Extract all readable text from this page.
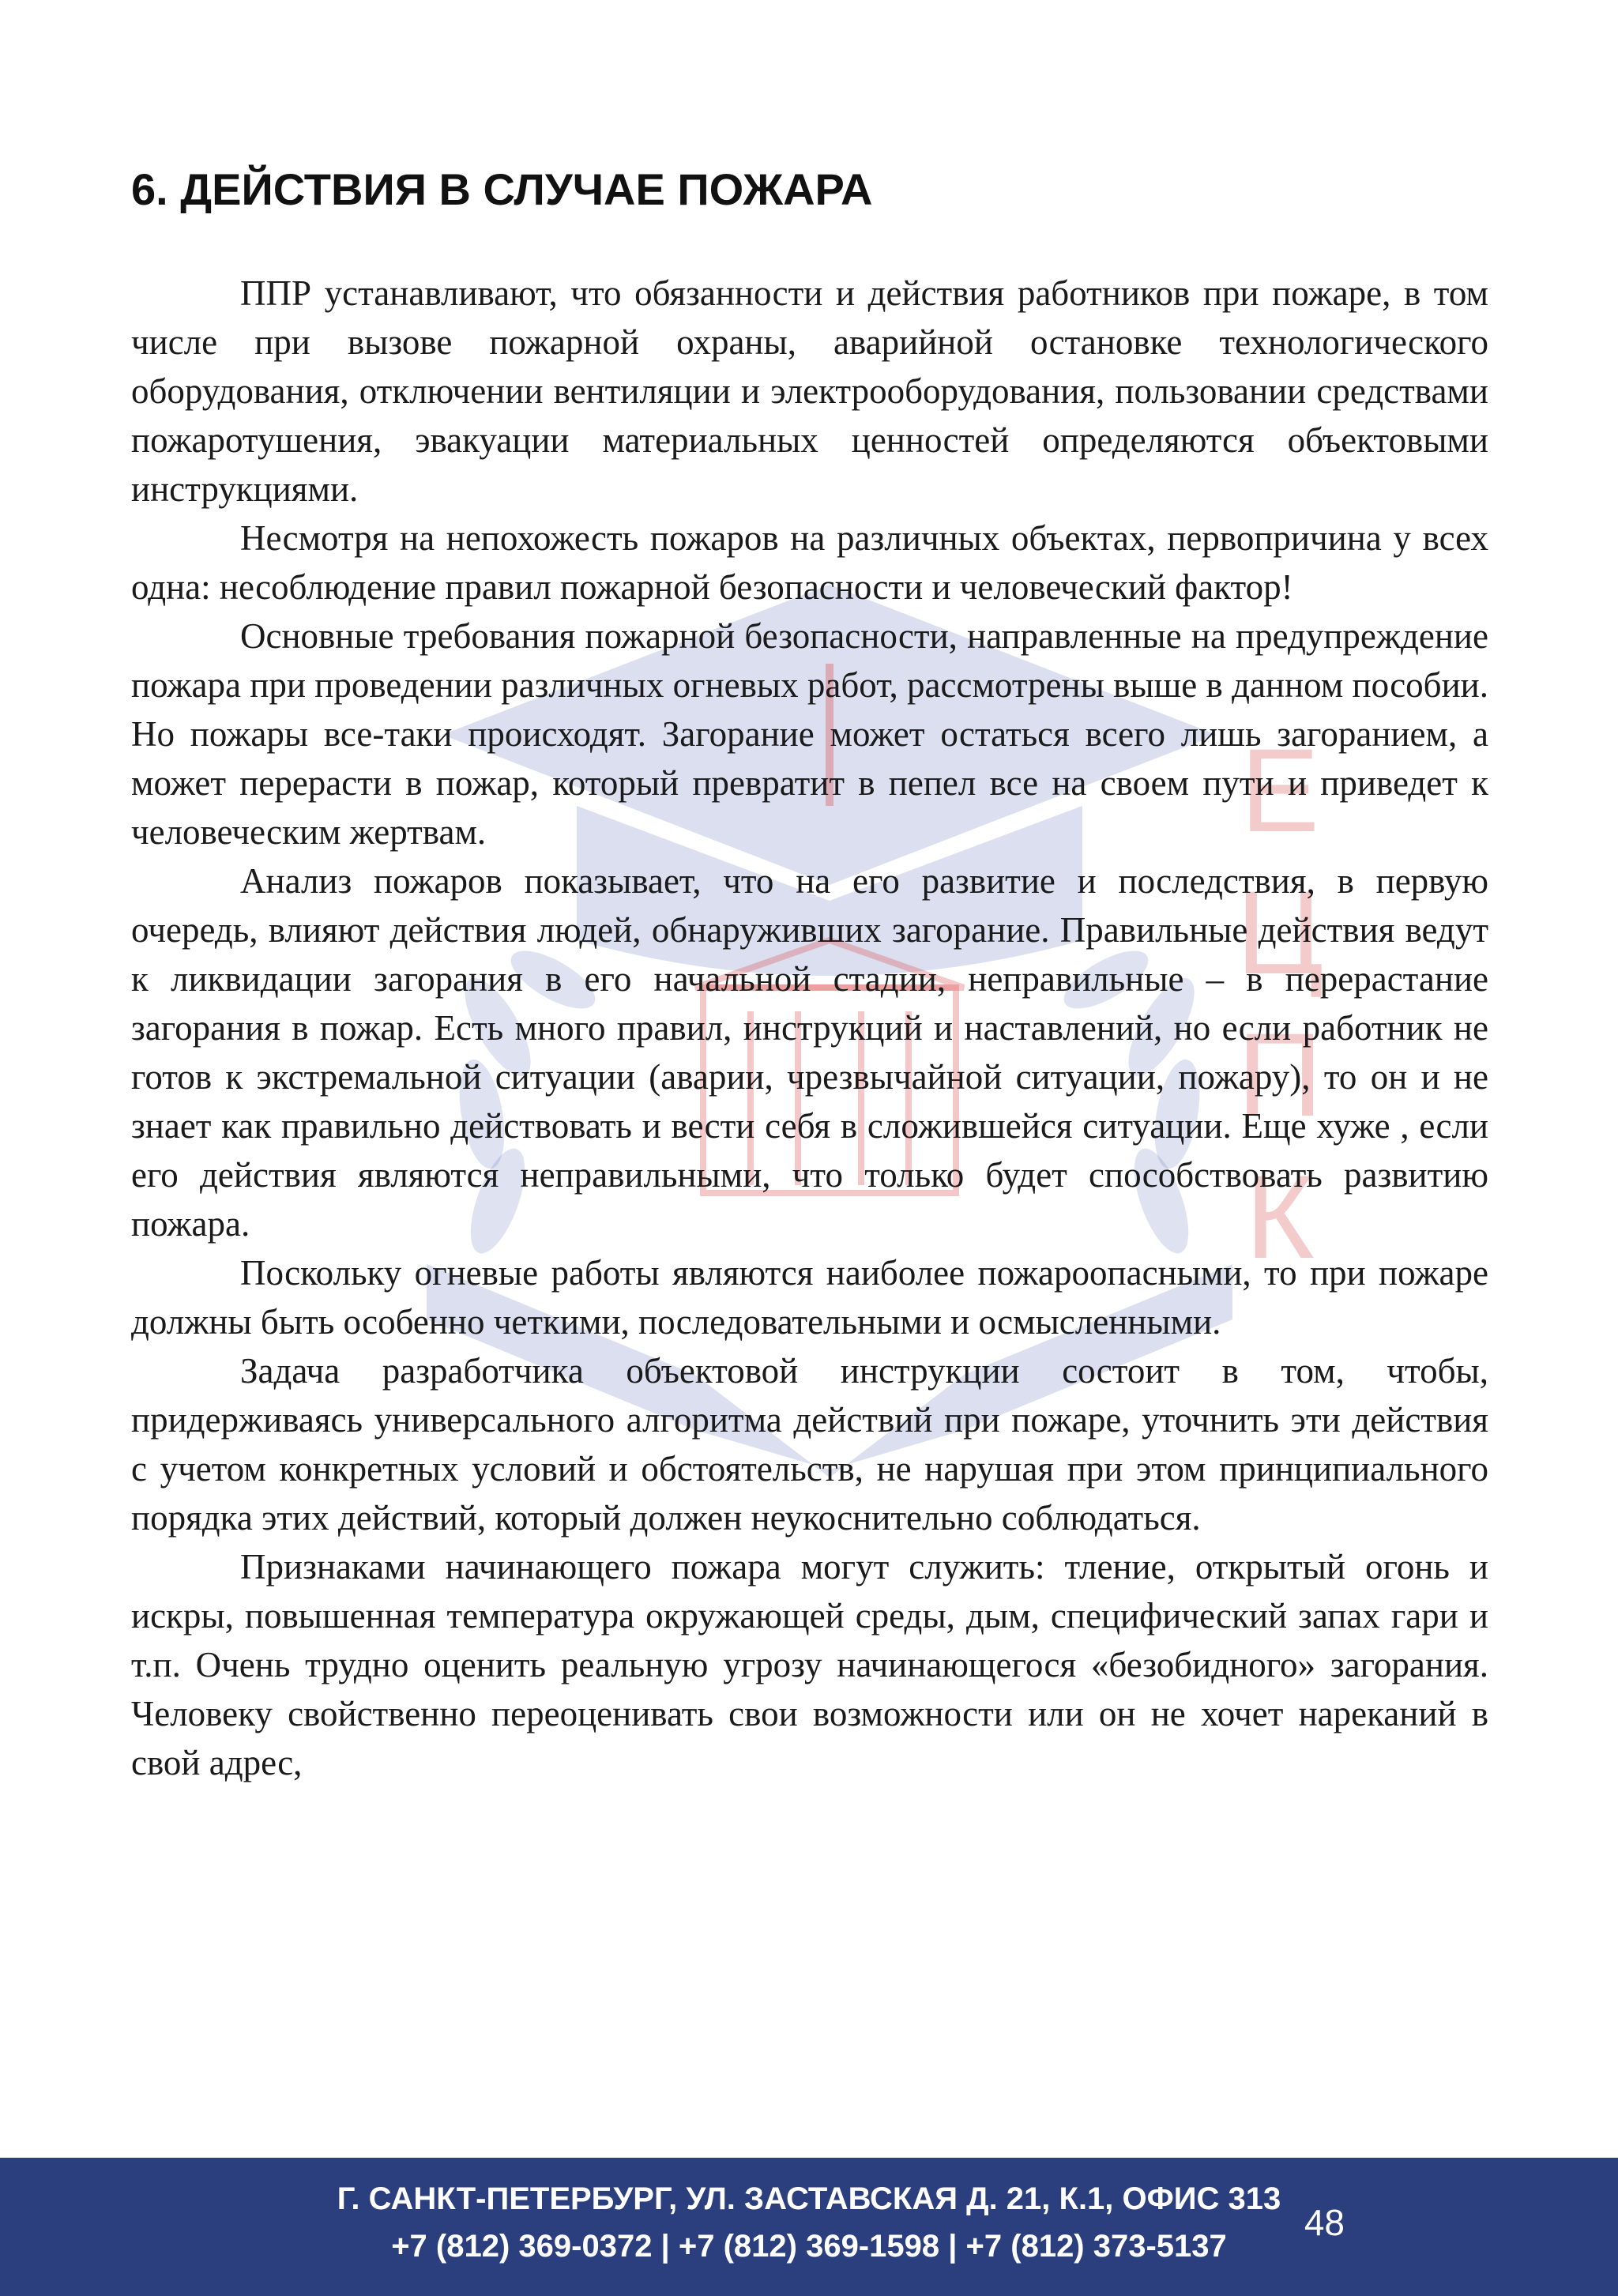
Е
Ц
П
К
6. ДЕЙСТВИЯ В СЛУЧАЕ ПОЖАРА

ППР устанавливают, что обязанности и действия работников при пожаре, в том числе при вызове пожарной охраны, аварийной остановке технологического оборудования, отключении вентиляции и электрооборудования, пользовании средствами пожаротушения, эвакуации материальных ценностей определяются объектовыми инструкциями.

Несмотря на непохожесть пожаров на различных объектах, первопричина у всех одна: несоблюдение правил пожарной безопасности и человеческий фактор!

Основные требования пожарной безопасности, направленные на предупреждение пожара при проведении различных огневых работ, рассмотрены выше в данном пособии. Но пожары все-таки происходят. Загорание может остаться всего лишь загоранием, а может перерасти в пожар, который превратит в пепел все на своем пути и приведет к человеческим жертвам.

Анализ пожаров показывает, что на его развитие и последствия, в первую очередь, влияют действия людей, обнаруживших загорание. Правильные действия ведут к ликвидации загорания в его начальной стадии, неправильные – в перерастание загорания в пожар. Есть много правил, инструкций и наставлений, но если работник не готов к экстремальной ситуации (аварии, чрезвычайной ситуации, пожару), то он и не знает как правильно действовать и вести себя в сложившейся ситуации. Еще хуже , если его действия являются неправильными, что только будет способствовать развитию пожара.

Поскольку огневые работы являются наиболее пожароопасными, то при пожаре должны быть особенно четкими, последовательными и осмысленными.

Задача разработчика объектовой инструкции состоит в том, чтобы, придерживаясь универсального алгоритма действий при пожаре, уточнить эти действия с учетом конкретных условий и обстоятельств, не нарушая при этом принципиального порядка этих действий, который должен неукоснительно соблюдаться.

Признаками начинающего пожара могут служить: тление, открытый огонь и искры, повышенная температура окружающей среды, дым, специфический запах гари и т.п. Очень трудно оценить реальную угрозу начинающегося «безобидного» загорания. Человеку свойственно переоценивать свои возможности или он не хочет нареканий в свой адрес,

Г. САНКТ-ПЕТЕРБУРГ, УЛ. ЗАСТАВСКАЯ Д. 21, К.1, ОФИС 313
+7 (812) 369-0372 | +7 (812) 369-1598 | +7 (812) 373-5137
48
